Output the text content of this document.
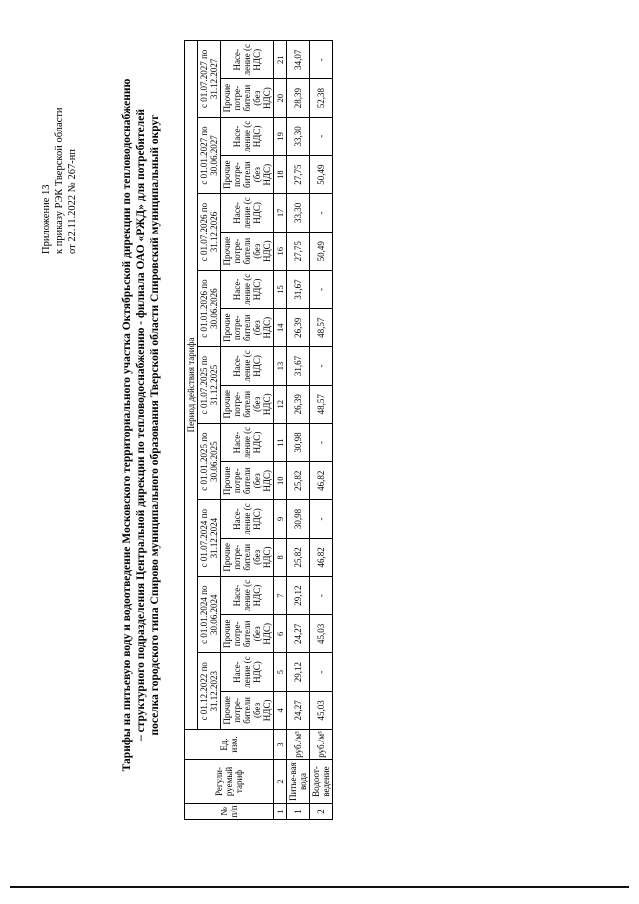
Приложение 13 к приказу РЭК Тверской области от 22.11.2022 № 267-нп	Тарифы на питьевую воду и водоотведение Московского территориального участка Октябрьской дирекции по тепловодоснабжению – структурного подразделения Центральной дирекции по тепловодоснабжению - филиала ОАО «РЖД» для потребителей поселка городского типа Спирово муниципального образования Тверской области Спировский муниципальный округ
№ п/п	Регули-руемый тариф	Ед. изм.	Период действия тарифа																	
			с 01.12.2022 по 31.12.2023		с 01.01.2024 по 30.06.2024		с 01.07.2024 по 31.12.2024		с 01.01.2025 по 30.06.2025		с 01.07.2025 по 31.12.2025		с 01.01.2026 по 30.06.2026		с 01.07.2026 по 31.12.2026		с 01.01.2027 по 30.06.2027		с 01.07.2027 по 31.12.2027	
			Прочие потре-бители (без НДС)	Насе-ление (с НДС)	Прочие потре-бители (без НДС)	Насе-ление (с НДС)	Прочие потре-бители (без НДС)	Насе-ление (с НДС)	Прочие потре-бители (без НДС)	Насе-ление (с НДС)	Прочие потре-бители (без НДС)	Насе-ление (с НДС)	Прочие потре-бители (без НДС)	Насе-ление (с НДС)	Прочие потре-бители (без НДС)	Насе-ление (с НДС)	Прочие потре-бители (без НДС)	Насе-ление (с НДС)	Прочие потре-бители (без НДС)	Насе-ление (с НДС)
1	2	3	4	5	6	7	8	9	10	11	12	13	14	15	16	17	18	19	20	21
1	Питье-вая вода	руб./м³	24,27	29,12	24,27	29,12	25,82	30,98	25,82	30,98	26,39	31,67	26,39	31,67	27,75	33,30	27,75	33,30	28,39	34,07
2	Водоот-ведение	руб./м³	45,03	-	45,03	-	46,82	-	46,82	-	48,57	-	48,57	-	50,49	-	50,49	-	52,38	-
